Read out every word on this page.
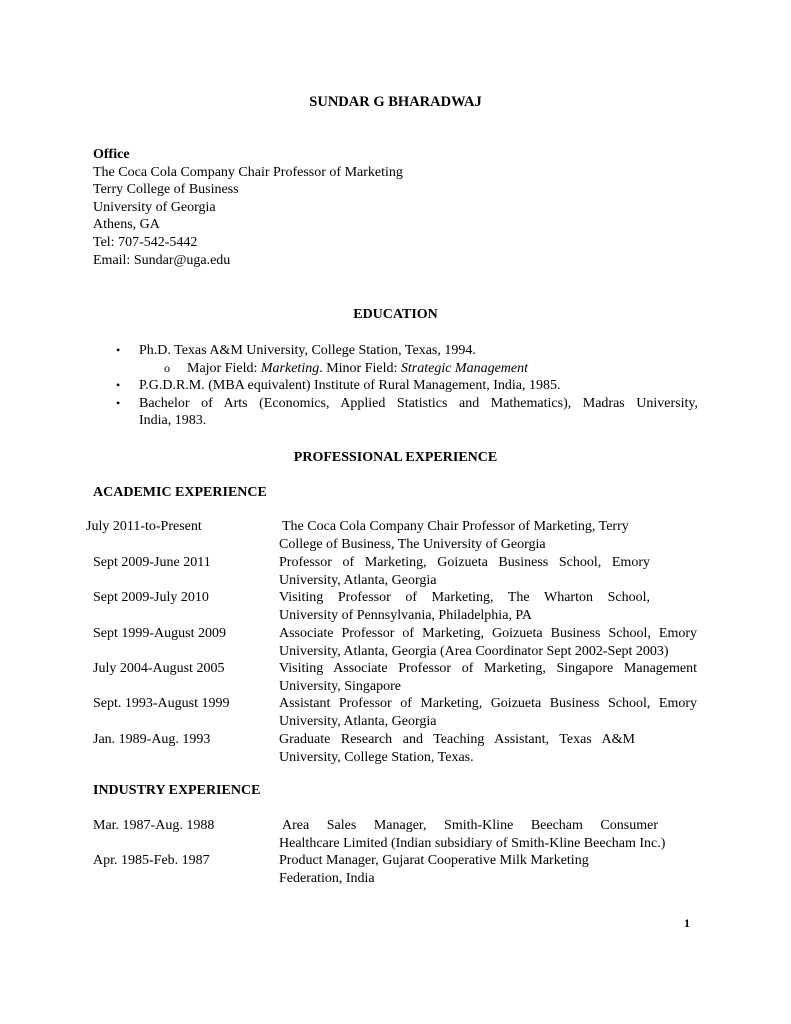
SUNDAR G BHARADWAJ
Office
The Coca Cola Company Chair Professor of Marketing
Terry College of Business
University of Georgia
Athens, GA
Tel: 707-542-5442
Email: Sundar@uga.edu
EDUCATION
• Ph.D. Texas A&M University, College Station, Texas, 1994.
o Major Field: Marketing. Minor Field: Strategic Management
• P.G.D.R.M. (MBA equivalent) Institute of Rural Management, India, 1985.
• Bachelor of Arts (Economics, Applied Statistics and Mathematics), Madras University,
India, 1983.
PROFESSIONAL EXPERIENCE
ACADEMIC EXPERIENCE
July 2011-to-Present	The Coca Cola Company Chair Professor of Marketing, Terry
College of Business, The University of Georgia
Sept 2009-June 2011	Professor of Marketing, Goizueta Business School, Emory
University, Atlanta, Georgia
Sept 2009-July 2010	Visiting Professor of Marketing, The Wharton School,
University of Pennsylvania, Philadelphia, PA
Sept 1999-August 2009	Associate Professor of Marketing, Goizueta Business School, Emory
University, Atlanta, Georgia (Area Coordinator Sept 2002-Sept 2003)
July 2004-August 2005	Visiting Associate Professor of Marketing, Singapore Management
University, Singapore
Sept. 1993-August 1999	Assistant Professor of Marketing, Goizueta Business School, Emory
University, Atlanta, Georgia
Jan. 1989-Aug. 1993	Graduate Research and Teaching Assistant, Texas A&M
University, College Station, Texas.
INDUSTRY EXPERIENCE
Mar. 1987-Aug. 1988	Area Sales Manager, Smith-Kline Beecham Consumer
Healthcare Limited (Indian subsidiary of Smith-Kline Beecham Inc.)
Apr. 1985-Feb. 1987	Product Manager, Gujarat Cooperative Milk Marketing
Federation, India
1
